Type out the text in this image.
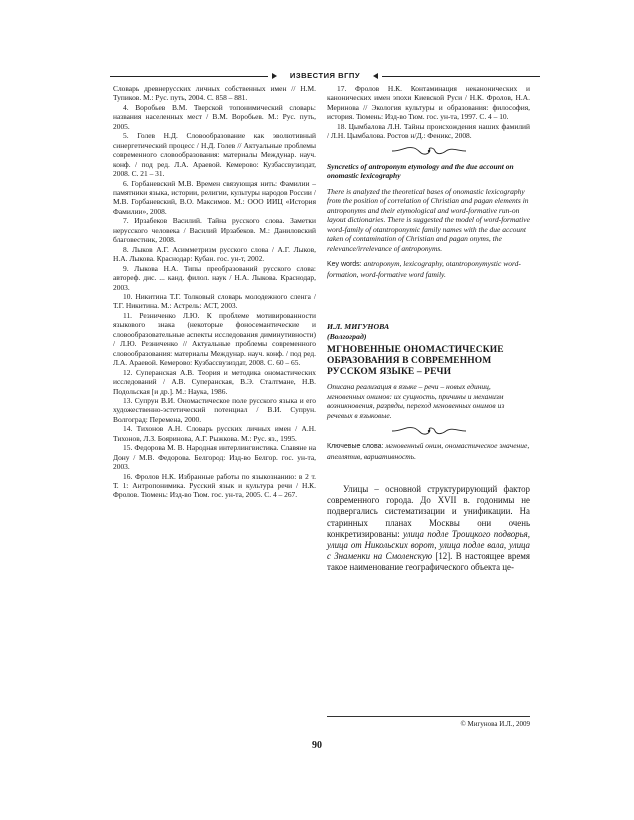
ИЗВЕСТИЯ ВГПУ

Словарь древнерусских личных собственных имен // Н.М. Тупиков. М.: Рус. путь, 2004. С. 858 – 881.

4. Воробьев В.М. Тверской топонимический словарь: названия населенных мест / В.М. Воробьев. М.: Рус. путь, 2005.

5. Голев Н.Д. Словообразование как эволютивный синергетический процесс / Н.Д. Голев // Актуальные проблемы современного словообразования: материалы Междунар. науч. конф. / под ред. Л.А. Араевой. Кемерово: Кузбассвузиздат, 2008. С. 21 – 31.

6. Горбаневский М.В. Времен связующая нить: Фамилии – памятники языка, истории, религии, культуры народов России / М.В. Горбаневский, В.О. Максимов. М.: ООО ИИЦ «История Фамилии», 2008.

7. Ирзабеков Василий. Тайна русского слова. Заметки нерусского человека / Василий Ирзабеков. М.: Даниловский благовестник, 2008.

8. Лыков А.Г. Асимметризм русского слова / А.Г. Лыков, Н.А. Лыкова. Краснодар: Кубан. гос. ун-т, 2002.

9. Лыкова Н.А. Типы преобразований русского слова: автореф. дис. ... канд. филол. наук / Н.А. Лыкова. Краснодар, 2003.

10. Никитина Т.Г. Толковый словарь молодежного сленга / Т.Г. Никитина. М.: Астрель: АСТ, 2003.

11. Резниченко Л.Ю. К проблеме мотивированности языкового знака (некоторые фоносемантические и словообразовательные аспекты исследования диминутивности) / Л.Ю. Резниченко // Актуальные проблемы современного словообразования: материалы Междунар. науч. конф. / под ред. Л.А. Араевой. Кемерово: Кузбассвузиздат, 2008. С. 60 – 65.

12. Суперанская А.В. Теория и методика ономастических исследований / А.В. Суперанская, В.Э. Сталтмане, Н.В. Подольская [и др.]. М.: Наука, 1986.

13. Супрун В.И. Ономастическое поле русского языка и его художественно-эстетический потенциал / В.И. Супрун. Волгоград: Перемена, 2000.

14. Тихонов А.Н. Словарь русских личных имен / А.Н. Тихонов, Л.З. Бояринова, А.Г. Рыжкова. М.: Рус. яз., 1995.

15. Федорова М. В. Народная интерлингвистика. Славяне на Дону / М.В. Федорова. Белгород: Изд-во Белгор. гос. ун-та, 2003.

16. Фролов Н.К. Избранные работы по языкознанию: в 2 т. Т. 1: Антропонимика. Русский язык и культура речи / Н.К. Фролов. Тюмень: Изд-во Тюм. гос. ун-та, 2005. С. 4 – 267.

17. Фролов Н.К. Контаминация неканонических и канонических имен эпохи Киевской Руси / Н.К. Фролов, Н.А. Меринова // Экология культуры и образования: философия, история. Тюмень: Изд-во Тюм. гос. ун-та, 1997. С. 4 – 10.

18. Цымбалова Л.Н. Тайны происхождения наших фамилий / Л.Н. Цымбалова. Ростов н/Д.: Феникс, 2008.

Syncretics of antroponym etymology and the due account on onomastic lexicography

There is analyzed the theoretical bases of onomastic lexicography from the position of correlation of Christian and pagan elements in antroponyms and their etymological and word-formative run-on layout dictionaries. There is suggested the model of word-formative word-family of otantroponymic family names with the due account taken of contamination of Christian and pagan onyms, the relevance/irrelevance of antroponyms.

Key words: antroponym, lexicography, otantroponymystic word-formation, word-formative word family.

И.Л. МИГУНОВА

(Волгоград)

МГНОВЕННЫЕ ОНОМАСТИЧЕСКИЕ ОБРАЗОВАНИЯ В СОВРЕМЕННОМ РУССКОМ ЯЗЫКЕ – РЕЧИ

Описана реализация в языке – речи – новых единиц, мгновенных онимов: их сущность, причины и механизм возникновения, разряды, переход мгновенных онимов из речевых в языковые.

Ключевые слова: мгновенный оним, ономастическое значение, апеллятив, вариативность.

Улицы – основной структурирующий фактор современного города. До XVII в. годонимы не подвергались систематизации и унификации. На старинных планах Москвы они очень конкретизированы: улица подле Троицкого подворья, улица от Никольских ворот, улица подле вала, улица с Знаменки на Смоленскую [12]. В настоящее время такое наименование географического объекта це-

© Мигунова И.Л., 2009
90
